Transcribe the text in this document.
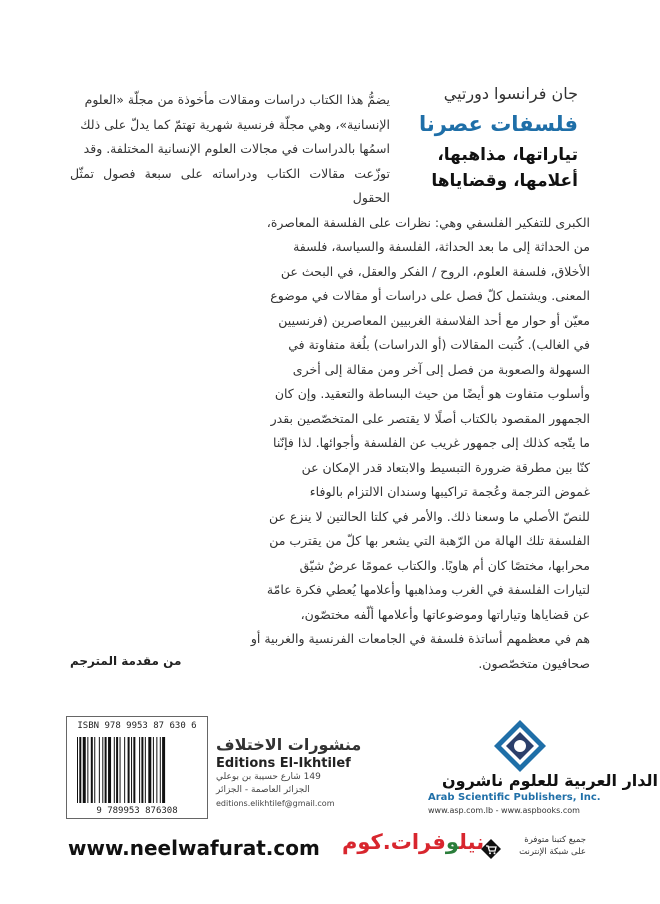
جان فرانسوا دورتيي
فلسفات عصرنا
تياراتها، مذاهبها،
أعلامها، وقضاياها

يضمُّ هذا الكتاب دراسات ومقالات مأخوذة من مجلّة «العلوم

الإنسانية»، وهي مجلّة فرنسية شهرية تهتمّ كما يدلّ على ذلك

اسمُها بالدراسات في مجالات العلوم الإنسانية المختلفة. وقد

توزّعت مقالات الكتاب ودراساته على سبعة فصول تمثّل الحقول

الكبرى للتفكير الفلسفي وهي: نظرات على الفلسفة المعاصرة،

من الحداثة إلى ما بعد الحداثة، الفلسفة والسياسة، فلسفة

الأخلاق، فلسفة العلوم، الروح / الفكر والعقل، في البحث عن

المعنى. ويشتمل كلّ فصل على دراسات أو مقالات في موضوع

معيّن أو حوار مع أحد الفلاسفة الغربيين المعاصرين (فرنسيين

في الغالب). كُتبت المقالات (أو الدراسات) بلُغة متفاوتة في

السهولة والصعوبة من فصل إلى آخر ومن مقالة إلى أخرى

وأسلوب متفاوت هو أيضًا من حيث البساطة والتعقيد. وإن كان

الجمهور المقصود بالكتاب أصلًا لا يقتصر على المتخصّصين بقدر

ما يتّجه كذلك إلى جمهور غريب عن الفلسفة وأجوائها. لذا فإنّنا

كنّا بين مطرقة ضرورة التبسيط والابتعاد قدر الإمكان عن

غموض الترجمة وعُجمة تراكيبها وسندان الالتزام بالوفاء

للنصّ الأصلي ما وسعنا ذلك. والأمر في كلتا الحالتين لا ينزع عن

الفلسفة تلك الهالة من الرّهبة التي يشعر بها كلّ من يقترب من

محرابها، مختصًا كان أم هاويًا. والكتاب عمومًا عرضٌ شيّق

لتيارات الفلسفة في الغرب ومذاهبها وأعلامها يُعطي فكرة عامّة

عن قضاياها وتياراتها وموضوعاتها وأعلامها ألّفه مختصّون،

هم في معظمهم أساتذة فلسفة في الجامعات الفرنسية والغربية أو

صحافيون متخصّصون.

من مقدمة المترجم
ISBN 978 9953 87 630 6
9 789953 876308
منشورات الاختلاف
Editions El-Ikhtilef
149 شارع حسيبة بن بوعلي
الجزائر العاصمة - الجزائر
editions.elikhtilef@gmail.com
الدار العربية للعلوم ناشرون
Arab Scientific Publishers, Inc.
www.asp.com.lb - www.aspbooks.com
www.neelwafurat.com	نيلوفرات.كوم	جميع كتبنا متوفرة
على شبكة الإنترنت
